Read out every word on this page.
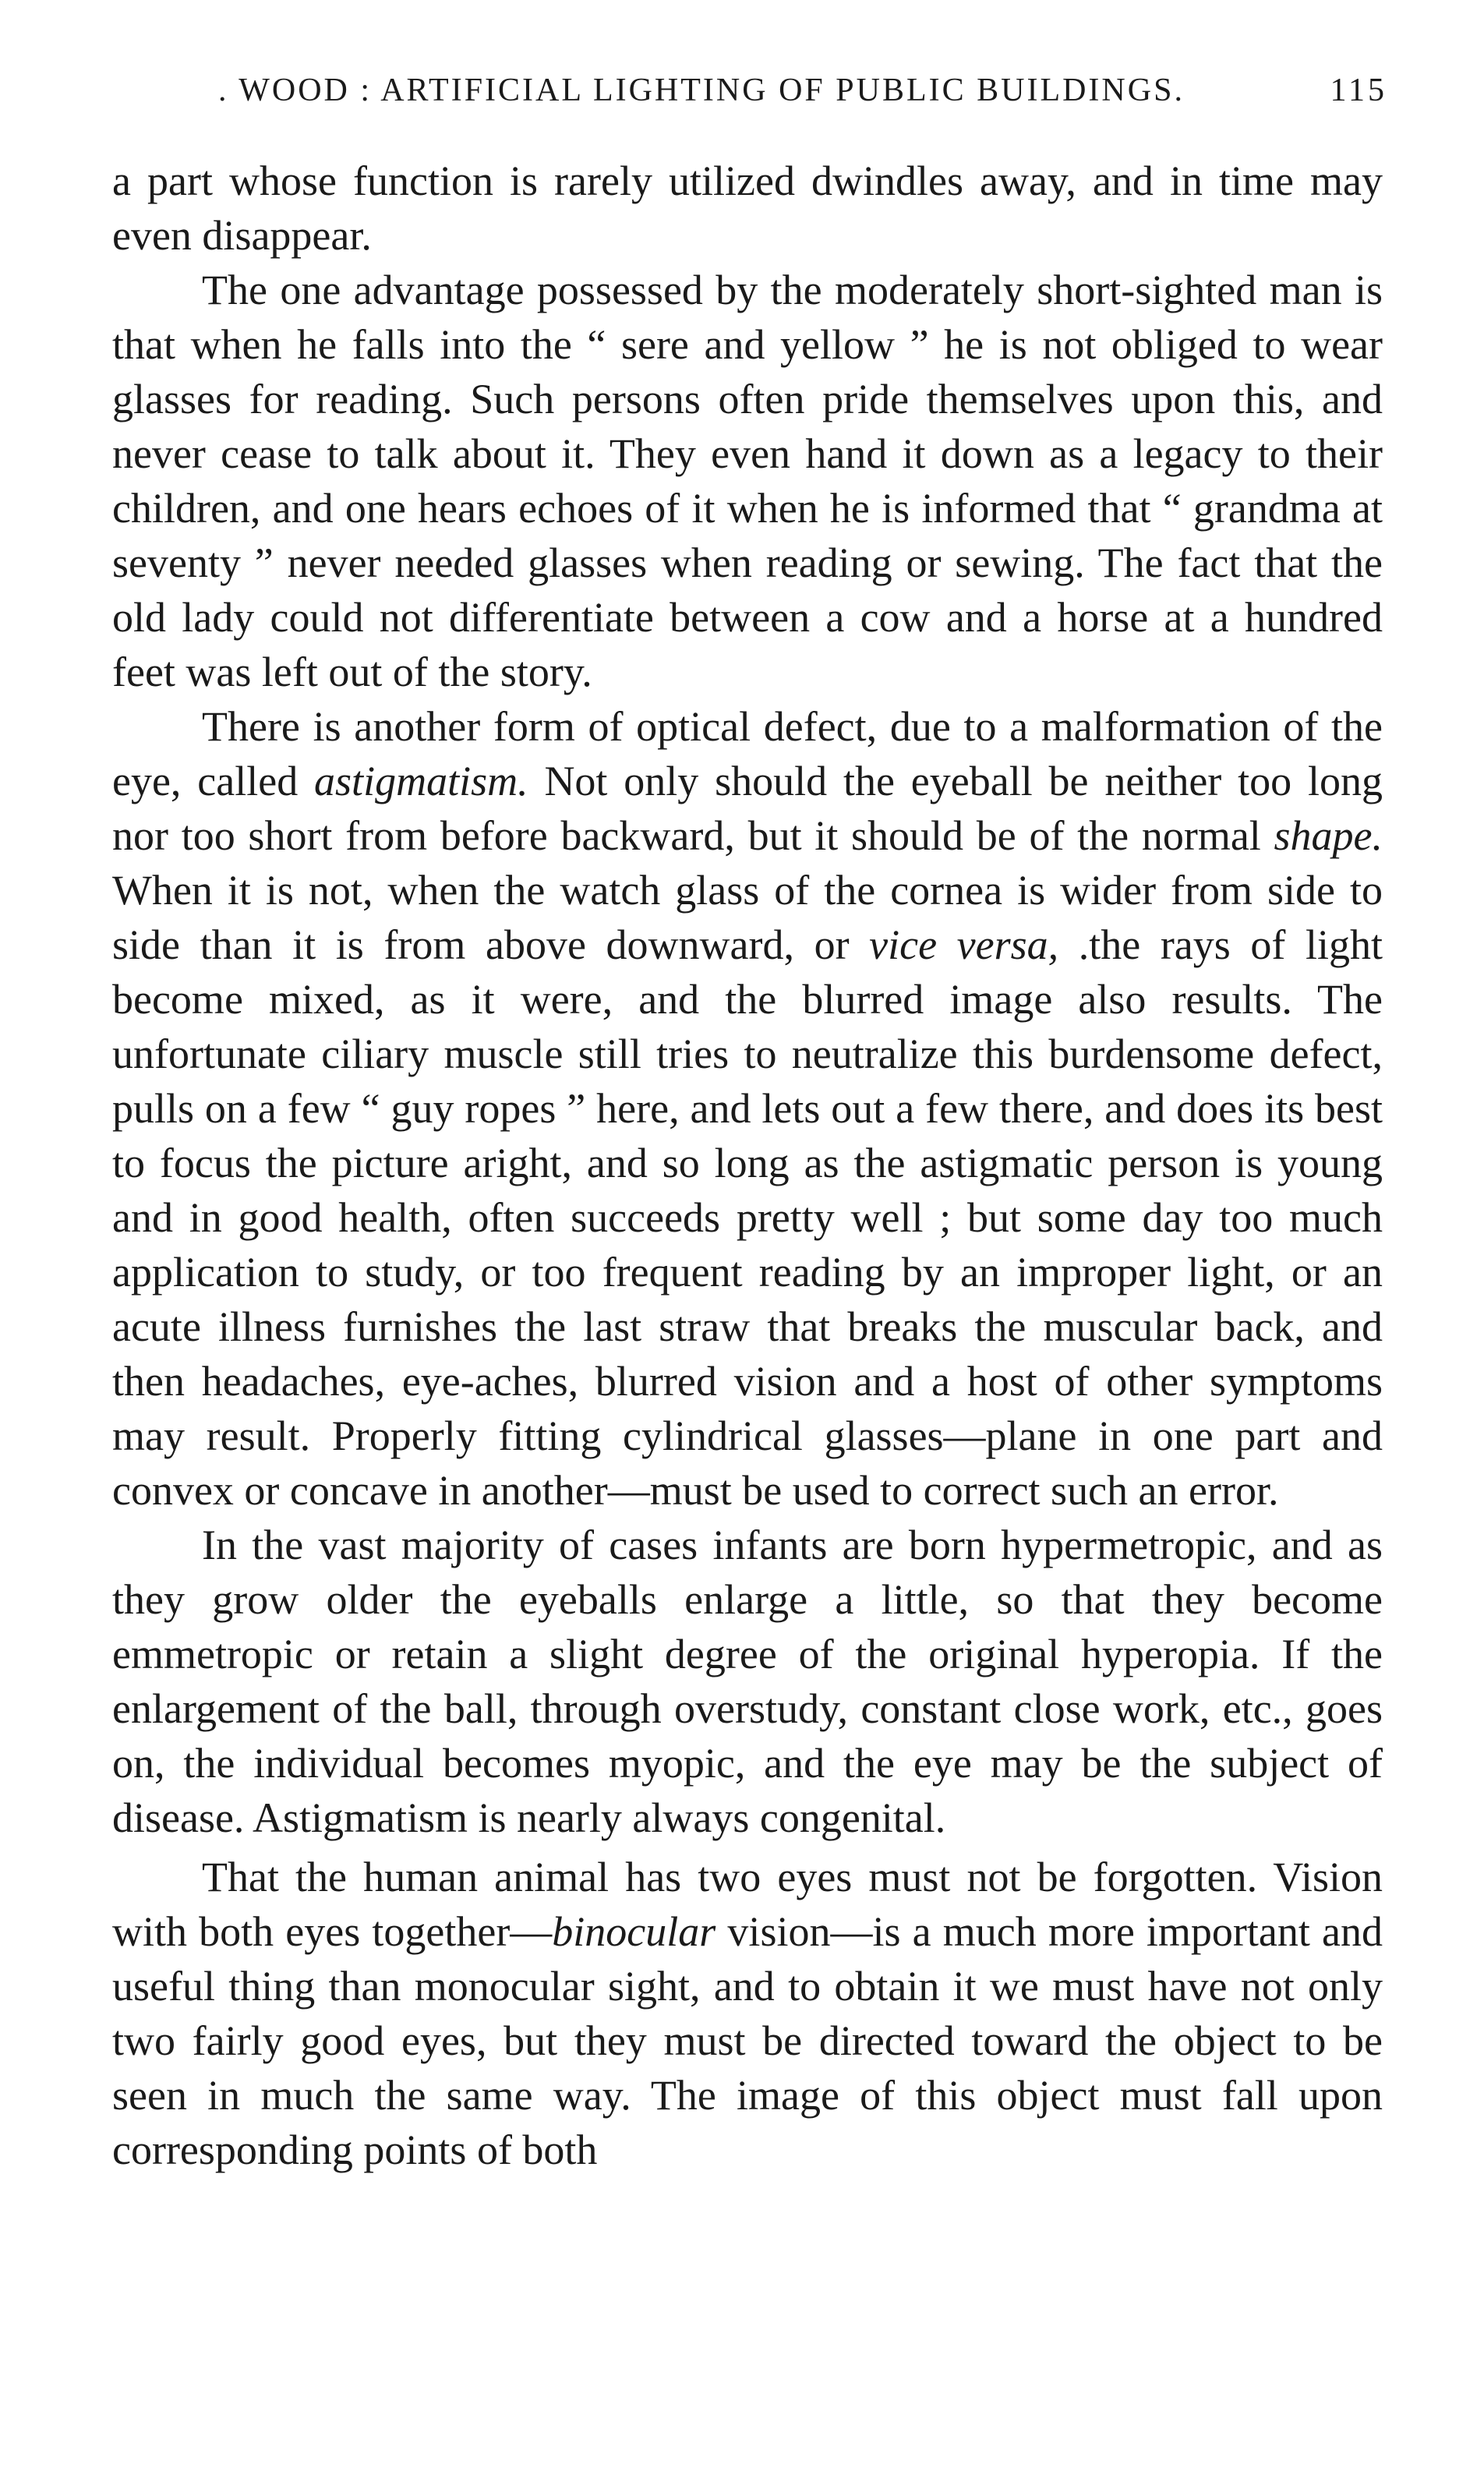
. WOOD : ARTIFICIAL LIGHTING OF PUBLIC BUILDINGS.	115

a part whose function is rarely utilized dwindles away, and in time may even disappear.

The one advantage possessed by the moderately short-sighted man is that when he falls into the “ sere and yellow ” he is not obliged to wear glasses for reading. Such persons often pride themselves upon this, and never cease to talk about it. They even hand it down as a legacy to their children, and one hears echoes of it when he is informed that “ grandma at seventy ” never needed glasses when reading or sewing. The fact that the old lady could not differentiate between a cow and a horse at a hundred feet was left out of the story.

There is another form of optical defect, due to a malformation of the eye, called astigmatism. Not only should the eyeball be neither too long nor too short from before backward, but it should be of the normal shape. When it is not, when the watch glass of the cornea is wider from side to side than it is from above downward, or vice versa, .the rays of light become mixed, as it were, and the blurred image also results. The unfortunate ciliary muscle still tries to neutralize this burdensome defect, pulls on a few “ guy ropes ” here, and lets out a few there, and does its best to focus the picture aright, and so long as the astigmatic person is young and in good health, often succeeds pretty well ; but some day too much application to study, or too frequent reading by an improper light, or an acute illness furnishes the last straw that breaks the muscular back, and then headaches, eye-aches, blurred vision and a host of other symptoms may result. Properly fitting cylindrical glasses—plane in one part and convex or concave in another—must be used to correct such an error.

In the vast majority of cases infants are born hypermetropic, and as they grow older the eyeballs enlarge a little, so that they become emmetropic or retain a slight degree of the original hyperopia. If the enlargement of the ball, through overstudy, constant close work, etc., goes on, the individual becomes myopic, and the eye may be the subject of disease. Astigmatism is nearly always congenital.

That the human animal has two eyes must not be forgotten. Vision with both eyes together—binocular vision—is a much more important and useful thing than monocular sight, and to obtain it we must have not only two fairly good eyes, but they must be directed toward the object to be seen in much the same way. The image of this object must fall upon corresponding points of both
